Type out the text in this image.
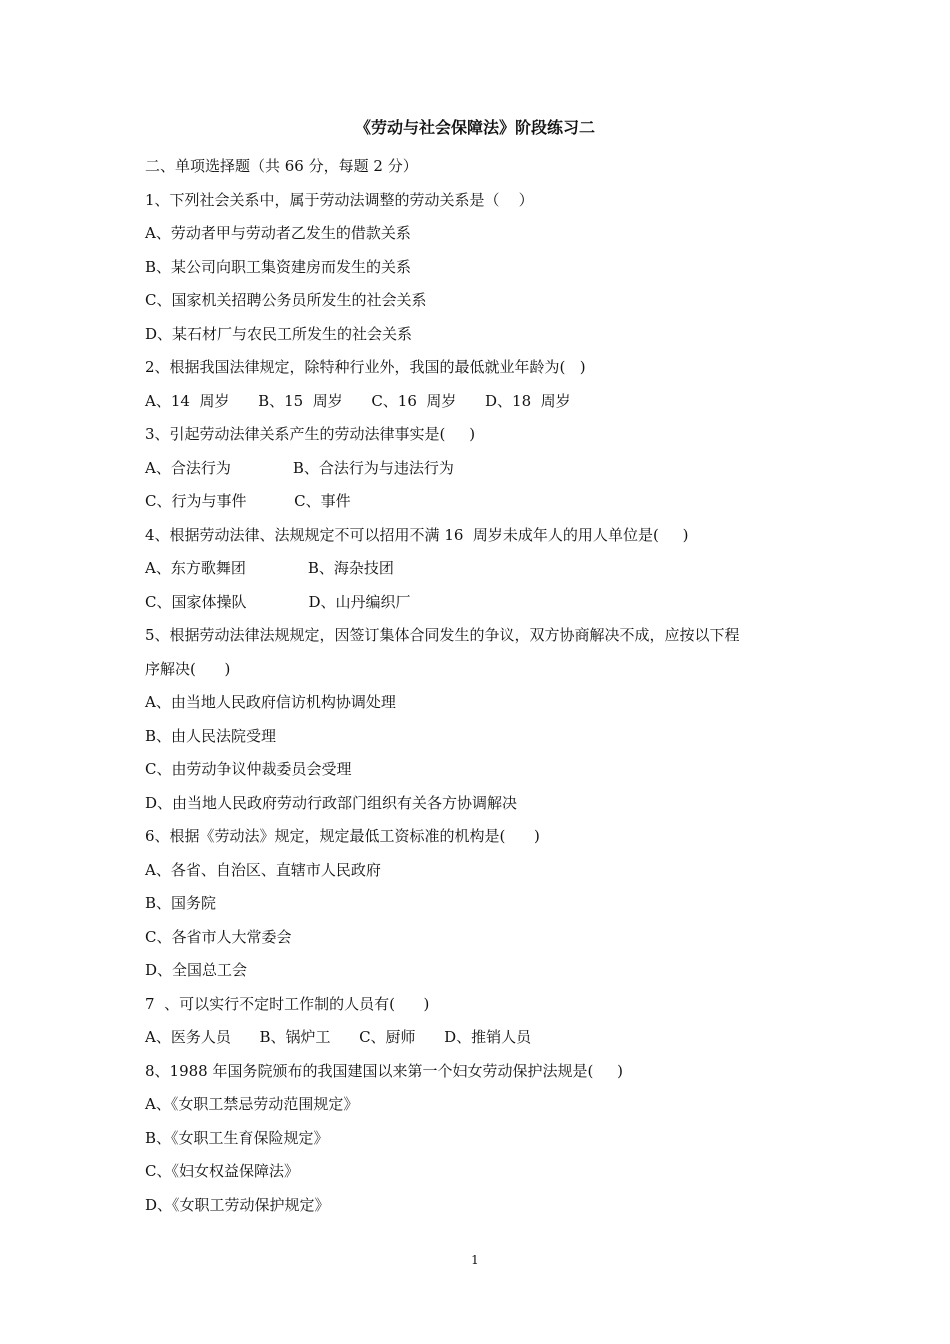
《劳动与社会保障法》阶段练习二
二、单项选择题（共 66 分，每题 2 分）
1、下列社会关系中，属于劳动法调整的劳动关系是（    ）
A、劳动者甲与劳动者乙发生的借款关系
B、某公司向职工集资建房而发生的关系
C、国家机关招聘公务员所发生的社会关系
D、某石材厂与农民工所发生的社会关系
2、根据我国法律规定，除特种行业外，我国的最低就业年龄为(   )
A、14  周岁      B、15  周岁      C、16  周岁      D、18  周岁
3、引起劳动法律关系产生的劳动法律事实是(     )
A、合法行为             B、合法行为与违法行为
C、行为与事件          C、事件
4、根据劳动法律、法规规定不可以招用不满 16  周岁未成年人的用人单位是(     )
A、东方歌舞团             B、海杂技团
C、国家体操队             D、山丹编织厂
5、根据劳动法律法规规定，因签订集体合同发生的争议，双方协商解决不成，应按以下程
序解决(      )
A、由当地人民政府信访机构协调处理
B、由人民法院受理
C、由劳动争议仲裁委员会受理
D、由当地人民政府劳动行政部门组织有关各方协调解决
6、根据《劳动法》规定，规定最低工资标准的机构是(      )
A、各省、自治区、直辖市人民政府
B、国务院
C、各省市人大常委会
D、全国总工会
7  、可以实行不定时工作制的人员有(      )
A、医务人员      B、锅炉工      C、厨师      D、推销人员
8、1988 年国务院颁布的我国建国以来第一个妇女劳动保护法规是(     )
A、《女职工禁忌劳动范围规定》
B、《女职工生育保险规定》
C、《妇女权益保障法》
D、《女职工劳动保护规定》
1
